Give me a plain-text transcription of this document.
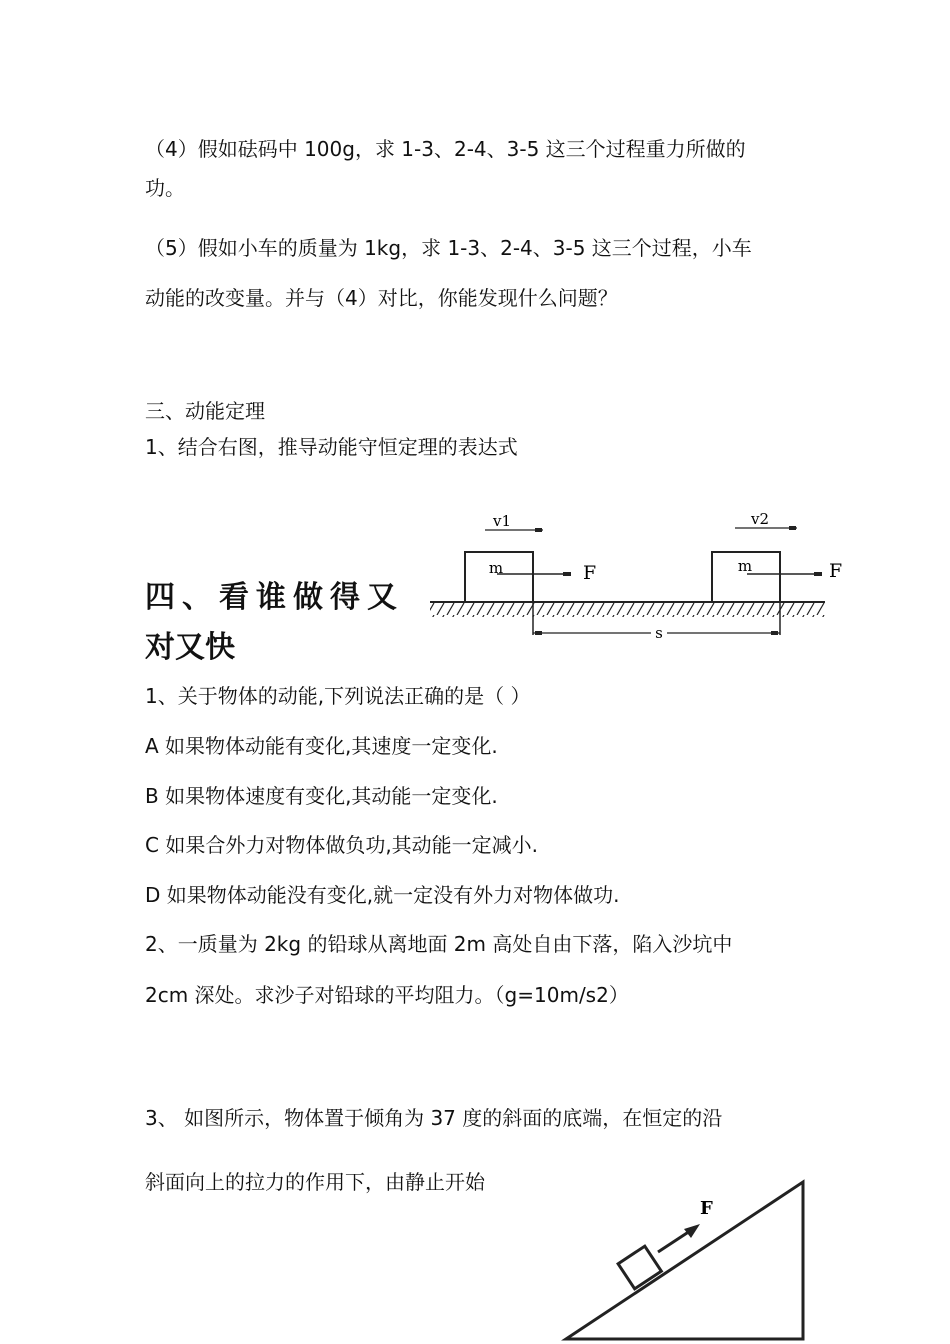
（4）假如砝码中 100g，求 1-3、2-4、3-5 这三个过程重力所做的
功。
（5）假如小车的质量为 1kg，求 1-3、2-4、3-5 这三个过程，小车
动能的改变量。并与（4）对比，你能发现什么问题？
三、动能定理
1、结合右图，推导动能守恒定理的表达式
m	F
v1
m	F
v2
s
四、看谁做得又
对又快
1、关于物体的动能,下列说法正确的是（ ）
A 如果物体动能有变化,其速度一定变化.
B 如果物体速度有变化,其动能一定变化.
C 如果合外力对物体做负功,其动能一定减小.
D 如果物体动能没有变化,就一定没有外力对物体做功.
2、一质量为 2kg 的铅球从离地面 2m 高处自由下落，陷入沙坑中
2cm 深处。求沙子对铅球的平均阻力。（g=10m/s2）
3、 如图所示，物体置于倾角为 37 度的斜面的底端，在恒定的沿
斜面向上的拉力的作用下，由静止开始
F
